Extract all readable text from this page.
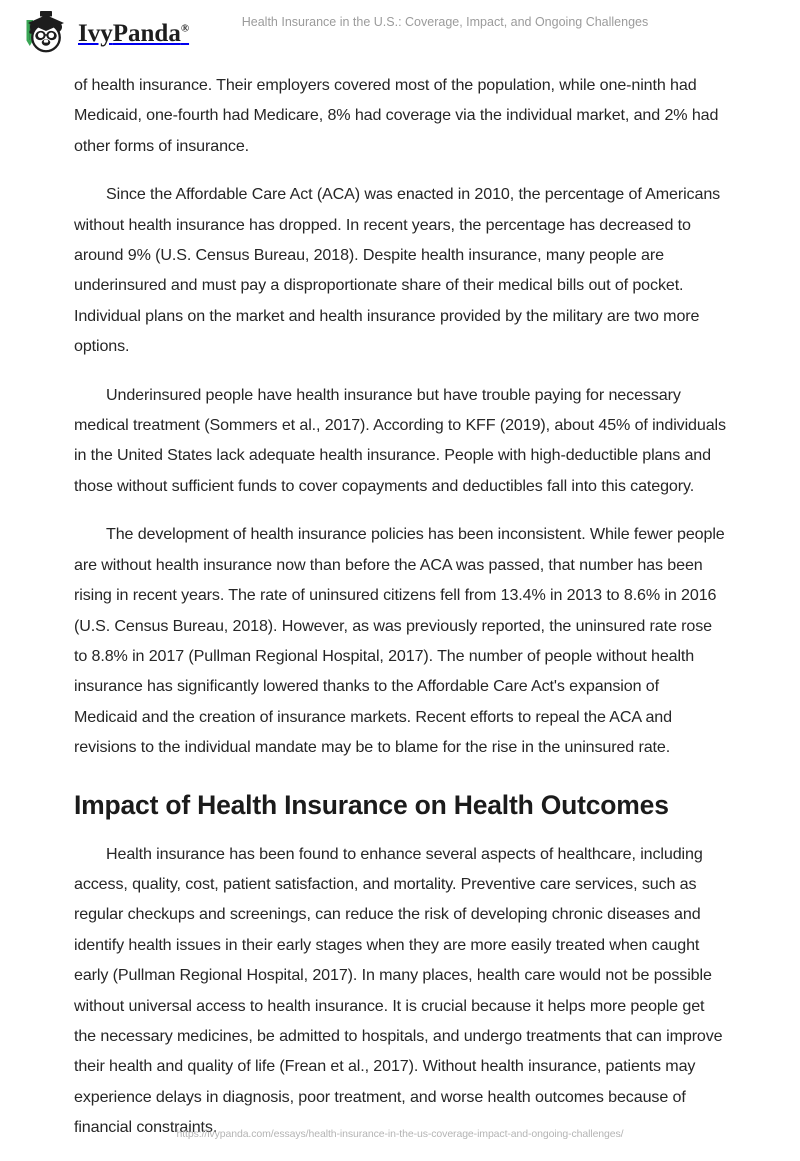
IvyPanda®	Health Insurance in the U.S.: Coverage, Impact, and Ongoing Challenges

of health insurance. Their employers covered most of the population, while one-ninth had Medicaid, one-fourth had Medicare, 8% had coverage via the individual market, and 2% had other forms of insurance.

Since the Affordable Care Act (ACA) was enacted in 2010, the percentage of Americans without health insurance has dropped. In recent years, the percentage has decreased to around 9% (U.S. Census Bureau, 2018). Despite health insurance, many people are underinsured and must pay a disproportionate share of their medical bills out of pocket. Individual plans on the market and health insurance provided by the military are two more options.

Underinsured people have health insurance but have trouble paying for necessary medical treatment (Sommers et al., 2017). According to KFF (2019), about 45% of individuals in the United States lack adequate health insurance. People with high-deductible plans and those without sufficient funds to cover copayments and deductibles fall into this category.

The development of health insurance policies has been inconsistent. While fewer people are without health insurance now than before the ACA was passed, that number has been rising in recent years. The rate of uninsured citizens fell from 13.4% in 2013 to 8.6% in 2016 (U.S. Census Bureau, 2018). However, as was previously reported, the uninsured rate rose to 8.8% in 2017 (Pullman Regional Hospital, 2017). The number of people without health insurance has significantly lowered thanks to the Affordable Care Act's expansion of Medicaid and the creation of insurance markets. Recent efforts to repeal the ACA and revisions to the individual mandate may be to blame for the rise in the uninsured rate.

Impact of Health Insurance on Health Outcomes

Health insurance has been found to enhance several aspects of healthcare, including access, quality, cost, patient satisfaction, and mortality. Preventive care services, such as regular checkups and screenings, can reduce the risk of developing chronic diseases and identify health issues in their early stages when they are more easily treated when caught early (Pullman Regional Hospital, 2017). In many places, health care would not be possible without universal access to health insurance. It is crucial because it helps more people get the necessary medicines, be admitted to hospitals, and undergo treatments that can improve their health and quality of life (Frean et al., 2017). Without health insurance, patients may experience delays in diagnosis, poor treatment, and worse health outcomes because of financial constraints.

https://ivypanda.com/essays/health-insurance-in-the-us-coverage-impact-and-ongoing-challenges/
